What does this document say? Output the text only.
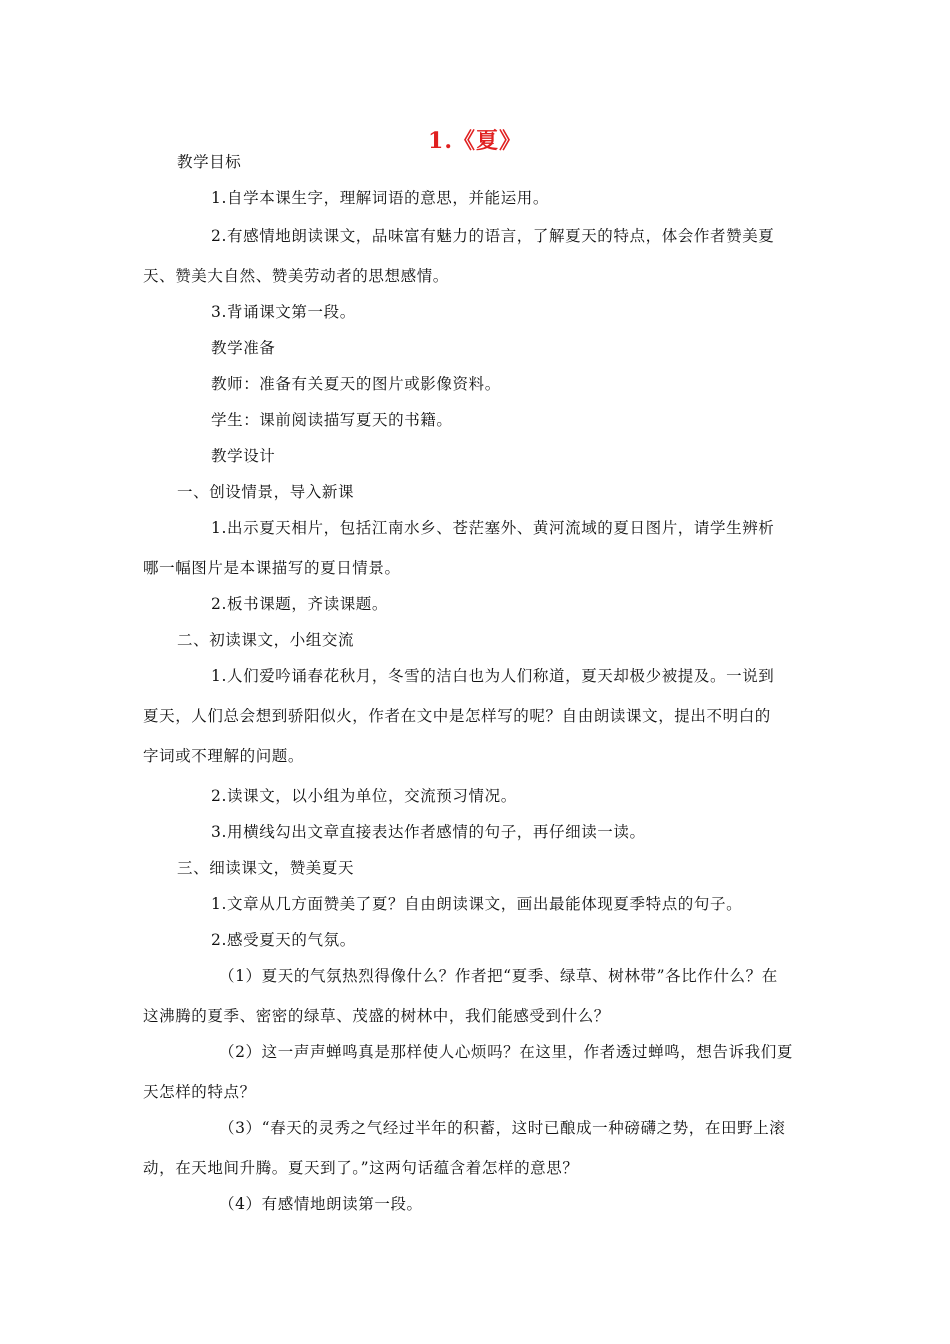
1.《夏》
教学目标
1.自学本课生字，理解词语的意思，并能运用。
2.有感情地朗读课文，品味富有魅力的语言，了解夏天的特点，体会作者赞美夏
天、赞美大自然、赞美劳动者的思想感情。
3.背诵课文第一段。
教学准备
教师：准备有关夏天的图片或影像资料。
学生：课前阅读描写夏天的书籍。
教学设计
一、创设情景，导入新课
1.出示夏天相片，包括江南水乡、苍茫塞外、黄河流域的夏日图片，请学生辨析
哪一幅图片是本课描写的夏日情景。
2.板书课题，齐读课题。
二、初读课文，小组交流
1.人们爱吟诵春花秋月，冬雪的洁白也为人们称道，夏天却极少被提及。一说到
夏天，人们总会想到骄阳似火，作者在文中是怎样写的呢？自由朗读课文，提出不明白的
字词或不理解的问题。
2.读课文，以小组为单位，交流预习情况。
3.用横线勾出文章直接表达作者感情的句子，再仔细读一读。
三、细读课文，赞美夏天
1.文章从几方面赞美了夏？自由朗读课文，画出最能体现夏季特点的句子。
2.感受夏天的气氛。
（1）夏天的气氛热烈得像什么？作者把“夏季、绿草、树林带”各比作什么？在
这沸腾的夏季、密密的绿草、茂盛的树林中，我们能感受到什么？
（2）这一声声蝉鸣真是那样使人心烦吗？在这里，作者透过蝉鸣，想告诉我们夏
天怎样的特点？
（3）“春天的灵秀之气经过半年的积蓄，这时已酿成一种磅礴之势，在田野上滚
动，在天地间升腾。夏天到了。”这两句话蕴含着怎样的意思？
（4）有感情地朗读第一段。
